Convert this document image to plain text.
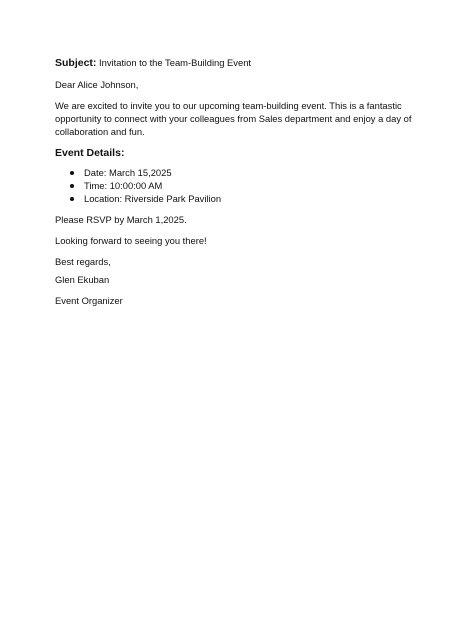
Subject: Invitation to the Team-Building Event

Dear Alice Johnson,

We are excited to invite you to our upcoming team-building event. This is a fantastic opportunity to connect with your colleagues from Sales department and enjoy a day of collaboration and fun.

Event Details:
Date: March 15,2025
Time: 10:00:00 AM
Location: Riverside Park Pavilion

Please RSVP by March 1,2025.

Looking forward to seeing you there!

Best regards,

Glen Ekuban

Event Organizer
